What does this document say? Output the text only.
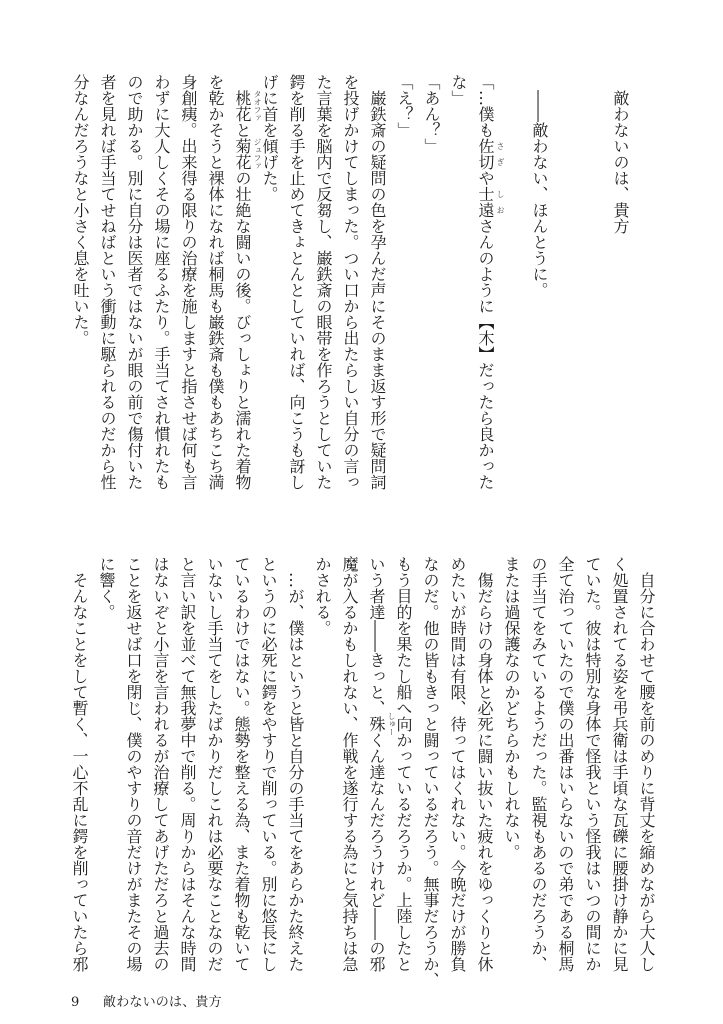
敵わないのは、貴方
――敵わない、ほんとうに。
「…僕も佐切 さぎ
や士遠 しお
さんのように【木】だったら良かった
な」
「あん？」
「え？」
　巌鉄斎の疑問の色を孕んだ声にそのまま返す形で疑問詞
を投げかけてしまった。つい口から出たらしい自分の言っ
た言葉を脳内で反芻し、巌鉄斎の眼帯を作ろうとしていた
鍔を削る手を止めてきょとんとしていれば、向こうも訝し
げに首を傾げた。
　桃花 タオファ
と菊花 ジュファ
の壮絶な闘いの後。びっしょりと濡れた着物
を乾かそうと裸体になれば桐馬も巌鉄斎も僕もあちこち満
身創痍。出来得る限りの治療を施しますと指させば何も言
わずに大人しくその場に座るふたり。手当てされ慣れたも
ので助かる。別に自分は医者ではないが眼の前で傷付いた
者を見れば手当てせねばという衝動に駆られるのだから性
分なんだろうなと小さく息を吐いた。
　自分に合わせて腰を前のめりに背丈を縮めながら大人し
く処置されてる姿を弔兵衛は手頃な瓦礫に腰掛け静かに見
ていた。彼は特別な身体で怪我という怪我はいつの間にか
全て治っていたので僕の出番はいらないので弟である桐馬
の手当てをみているようだった。監視もあるのだろうか、
または過保護なのかどちらかもしれない。
　傷だらけの身体と必死に闘い抜いた疲れをゆっくりと休
めたいが時間は有限、待ってはくれない。今晩だけが勝負
なのだ。他の皆もきっと闘っているだろう。無事だろうか、
もう目的を果たし船へ向かっているだろうか。上陸したと
いう者達――きっと、殊 しゅー
くん達なんだろうけれど――の邪
魔が入るかもしれない、作戦を遂行する為にと気持ちは急
かされる。
　…が、僕はというと皆と自分の手当てをあらかた終えた
というのに必死に鍔をやすりで削っている。別に悠長にし
ているわけではない。態勢を整える為、また着物も乾いて
いないし手当てをしたばかりだしこれは必要なことなのだ
と言い訳を並べて無我夢中で削る。周りからはそんな時間
はないぞと小言を言われるが治療してあげただろと過去の
ことを返せば口を閉じ、僕のやすりの音だけがまたその場
に響く。
　そんなことをして暫く、一心不乱に鍔を削っていたら邪
9 敵わないのは、貴方
